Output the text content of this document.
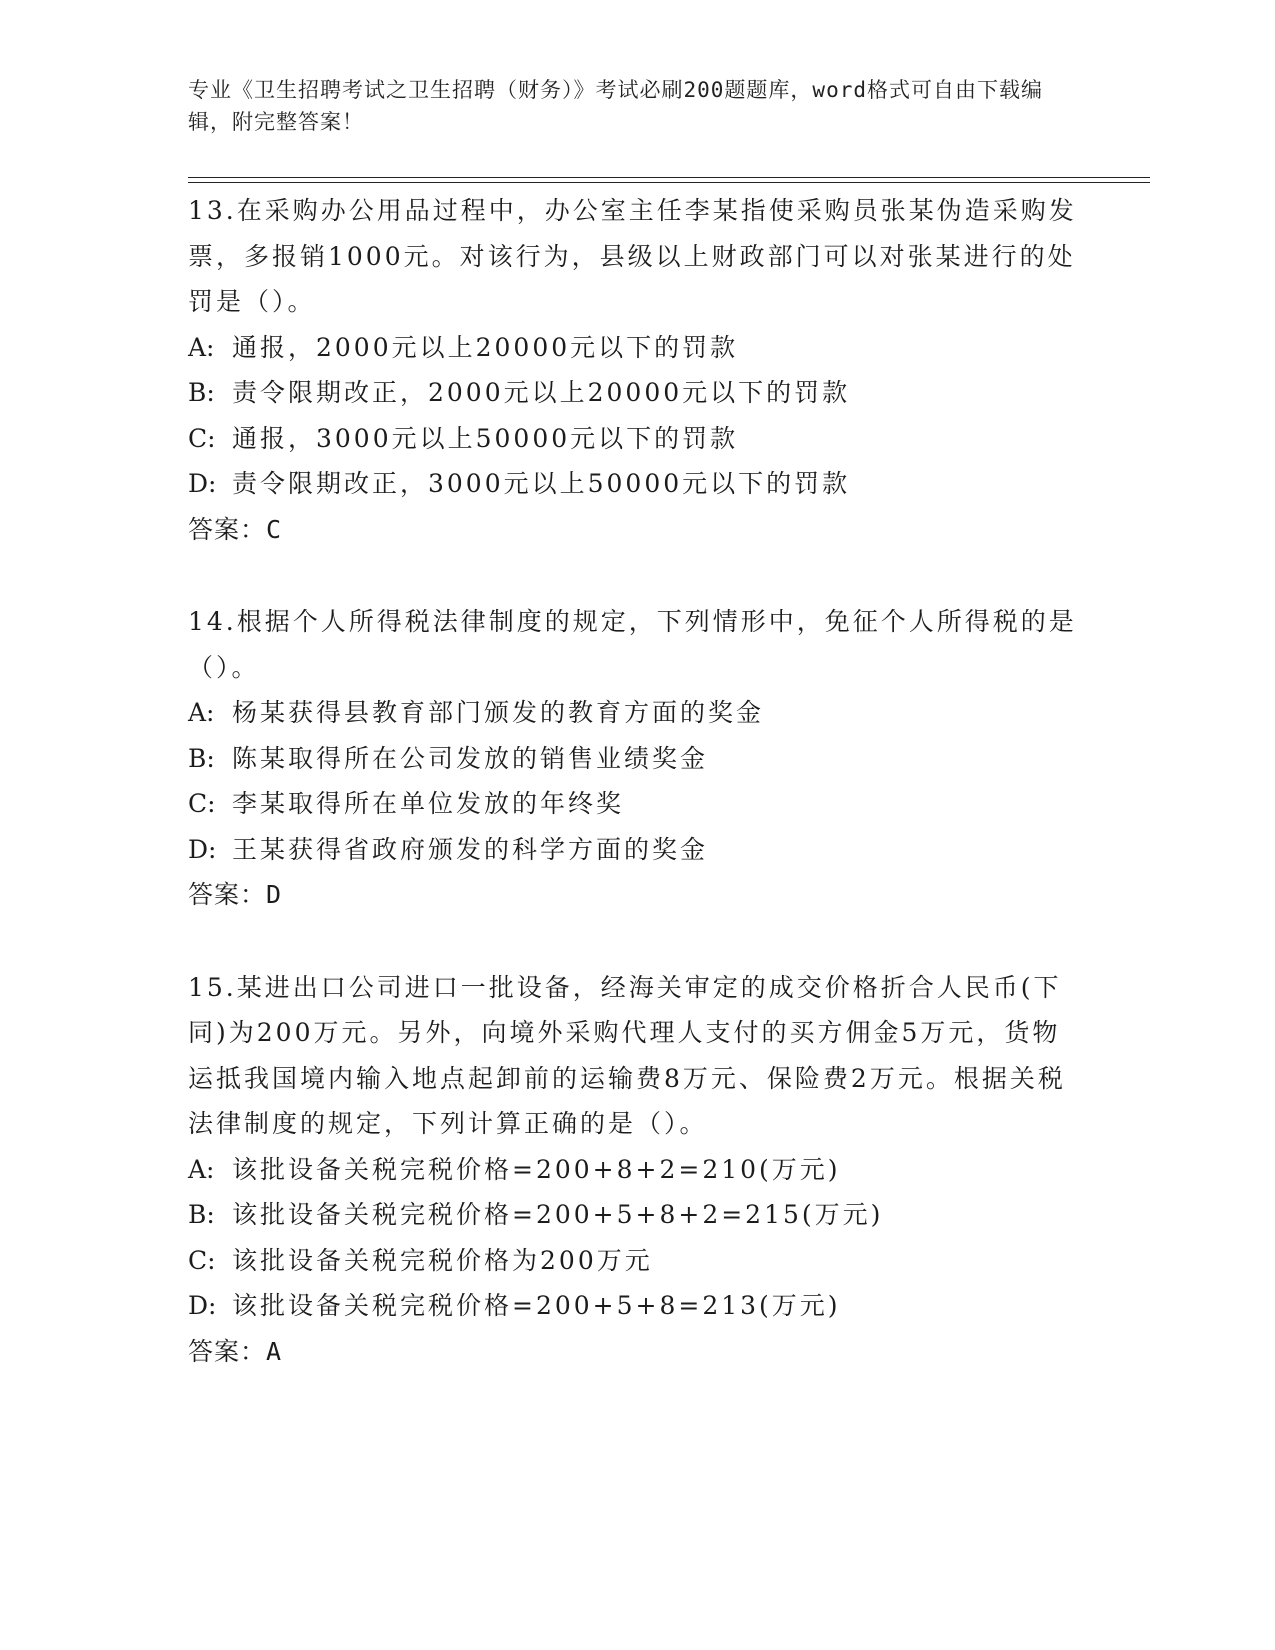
专业《卫生招聘考试之卫生招聘（财务）》考试必刷200题题库，word格式可自由下载编辑，附完整答案！

13.在采购办公用品过程中，办公室主任李某指使采购员张某伪造采购发票，多报销1000元。对该行为，县级以上财政部门可以对张某进行的处罚是（）。

A: 通报，2000元以上20000元以下的罚款

B: 责令限期改正，2000元以上20000元以下的罚款

C: 通报，3000元以上50000元以下的罚款

D: 责令限期改正，3000元以上50000元以下的罚款

答案：C

14.根据个人所得税法律制度的规定，下列情形中，免征个人所得税的是（）。

A: 杨某获得县教育部门颁发的教育方面的奖金

B: 陈某取得所在公司发放的销售业绩奖金

C: 李某取得所在单位发放的年终奖

D: 王某获得省政府颁发的科学方面的奖金

答案：D

15.某进出口公司进口一批设备，经海关审定的成交价格折合人民币(下同)为200万元。另外，向境外采购代理人支付的买方佣金5万元，货物运抵我国境内输入地点起卸前的运输费8万元、保险费2万元。根据关税法律制度的规定，下列计算正确的是（）。

A: 该批设备关税完税价格=200+8+2=210(万元)

B: 该批设备关税完税价格=200+5+8+2=215(万元)

C: 该批设备关税完税价格为200万元

D: 该批设备关税完税价格=200+5+8=213(万元)

答案：A
